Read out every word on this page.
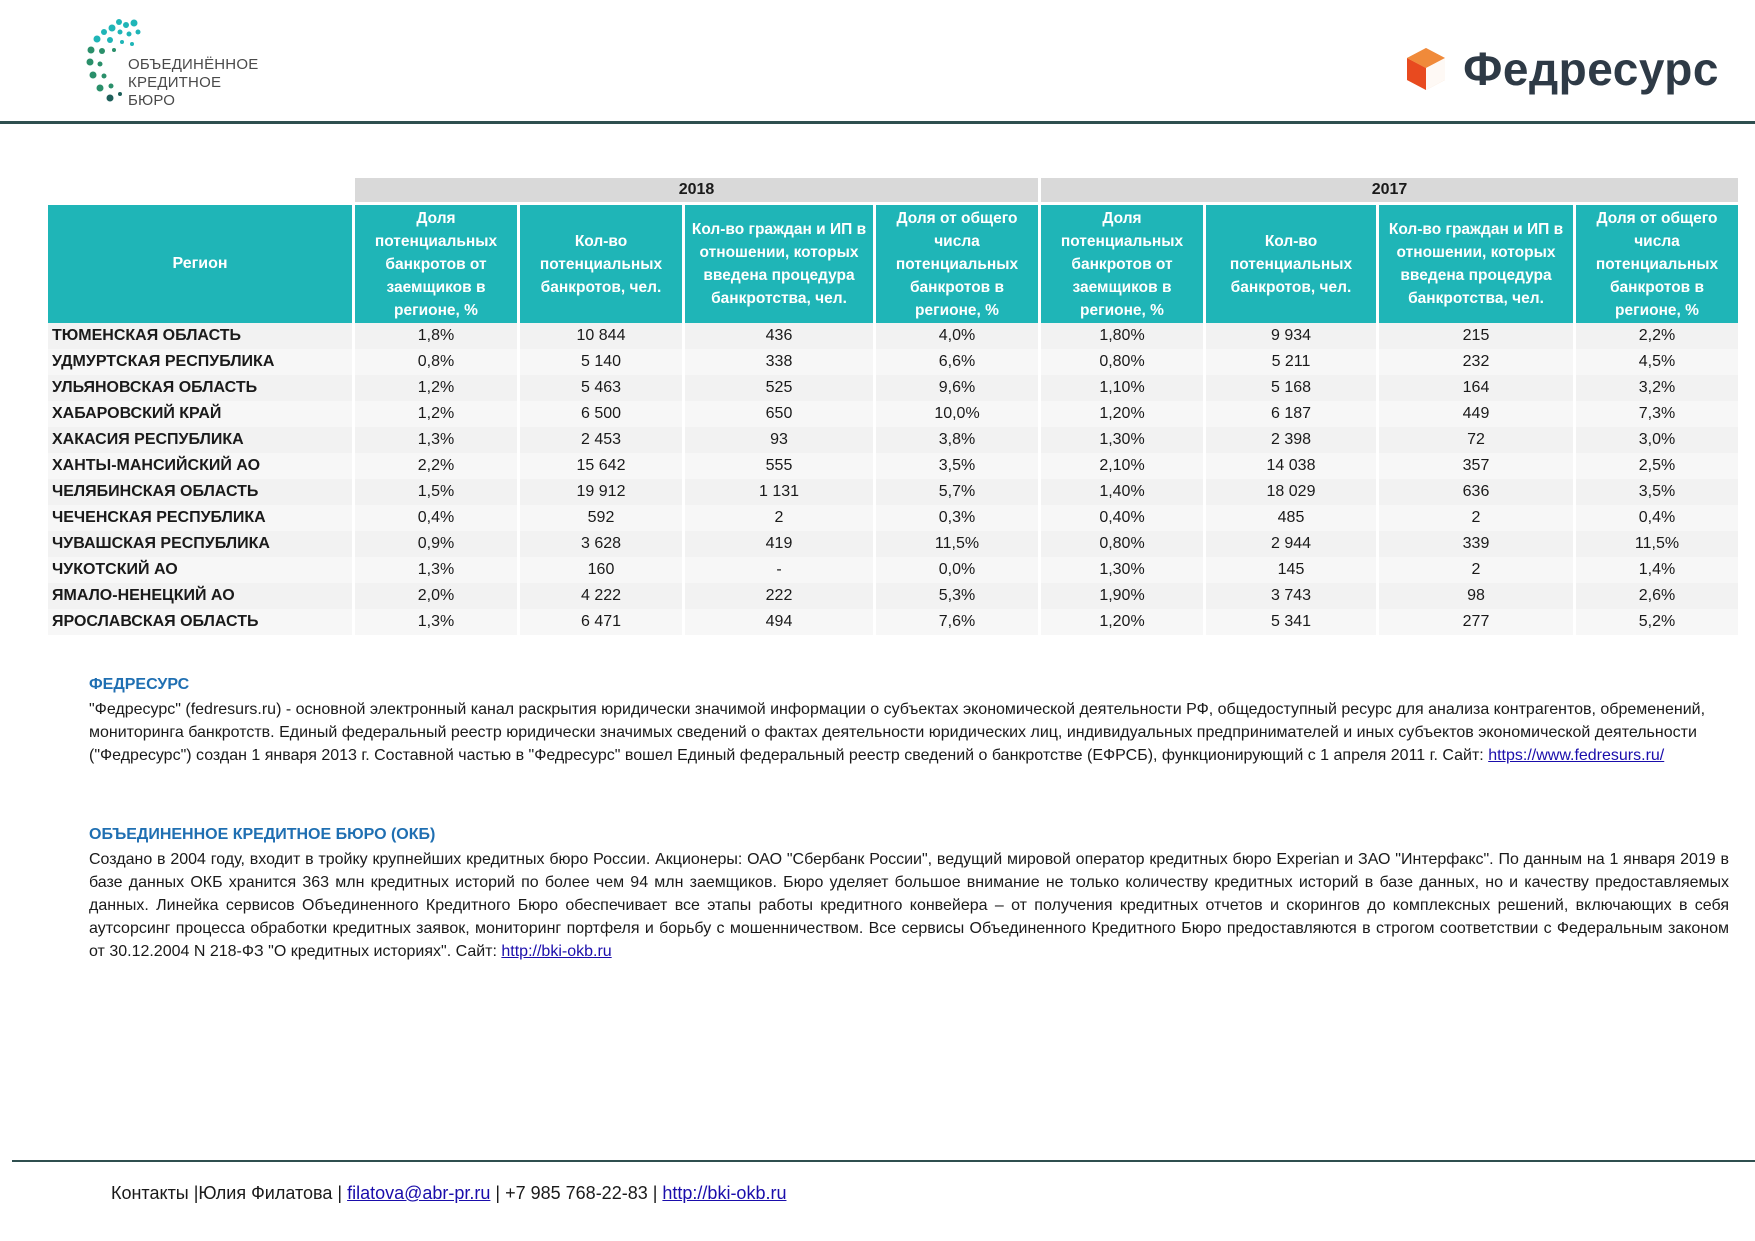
ОБЪЕДИНЁННОЕ
КРЕДИТНОЕ
БЮРО
Федресурс
	2018				2017			
Регион	Доля потенциальных банкротов от заемщиков в регионе, %	Кол-во потенциальных банкротов, чел.	Кол-во граждан и ИП в отношении, которых введена процедура банкротства, чел.	Доля от общего числа потенциальных банкротов в регионе, %	Доля потенциальных банкротов от заемщиков в регионе, %	Кол-во потенциальных банкротов, чел.	Кол-во граждан и ИП в отношении, которых введена процедура банкротства, чел.	Доля от общего числа потенциальных банкротов в регионе, %
ТЮМЕНСКАЯ ОБЛАСТЬ	1,8%	10 844	436	4,0%	1,80%	9 934	215	2,2%
УДМУРТСКАЯ РЕСПУБЛИКА	0,8%	5 140	338	6,6%	0,80%	5 211	232	4,5%
УЛЬЯНОВСКАЯ ОБЛАСТЬ	1,2%	5 463	525	9,6%	1,10%	5 168	164	3,2%
ХАБАРОВСКИЙ КРАЙ	1,2%	6 500	650	10,0%	1,20%	6 187	449	7,3%
ХАКАСИЯ РЕСПУБЛИКА	1,3%	2 453	93	3,8%	1,30%	2 398	72	3,0%
ХАНТЫ-МАНСИЙСКИЙ АО	2,2%	15 642	555	3,5%	2,10%	14 038	357	2,5%
ЧЕЛЯБИНСКАЯ ОБЛАСТЬ	1,5%	19 912	1 131	5,7%	1,40%	18 029	636	3,5%
ЧЕЧЕНСКАЯ РЕСПУБЛИКА	0,4%	592	2	0,3%	0,40%	485	2	0,4%
ЧУВАШСКАЯ РЕСПУБЛИКА	0,9%	3 628	419	11,5%	0,80%	2 944	339	11,5%
ЧУКОТСКИЙ АО	1,3%	160	-	0,0%	1,30%	145	2	1,4%
ЯМАЛО-НЕНЕЦКИЙ АО	2,0%	4 222	222	5,3%	1,90%	3 743	98	2,6%
ЯРОСЛАВСКАЯ ОБЛАСТЬ	1,3%	6 471	494	7,6%	1,20%	5 341	277	5,2%
ФЕДРЕСУРС
"Федресурс" (fedresurs.ru) - основной электронный канал раскрытия юридически значимой информации о субъектах экономической деятельности РФ, общедоступный ресурс для анализа контрагентов, обременений, мониторинга банкротств. Единый федеральный реестр юридически значимых сведений о фактах деятельности юридических лиц, индивидуальных предпринимателей и иных субъектов экономической деятельности ("Федресурс") создан 1 января 2013 г. Составной частью в "Федресурс" вошел Единый федеральный реестр сведений о банкротстве (ЕФРСБ), функционирующий с 1 апреля 2011 г. Сайт: https://www.fedresurs.ru/
ОБЪЕДИНЕННОЕ КРЕДИТНОЕ БЮРО (ОКБ)
Создано в 2004 году, входит в тройку крупнейших кредитных бюро России. Акционеры: ОАО "Сбербанк России", ведущий мировой оператор кредитных бюро Experian и ЗАО "Интерфакс". По данным на 1 января 2019 в базе данных ОКБ хранится 363 млн кредитных историй по более чем 94 млн заемщиков. Бюро уделяет большое внимание не только количеству кредитных историй в базе данных, но и качеству предоставляемых данных. Линейка сервисов Объединенного Кредитного Бюро обеспечивает все этапы работы кредитного конвейера – от получения кредитных отчетов и скорингов до комплексных решений, включающих в себя аутсорсинг процесса обработки кредитных заявок, мониторинг портфеля и борьбу с мошенничеством. Все сервисы Объединенного Кредитного Бюро предоставляются в строгом соответствии с Федеральным законом от 30.12.2004 N 218-ФЗ "О кредитных историях". Сайт: http://bki-okb.ru
Контакты |Юлия Филатова | filatova@abr-pr.ru | +7 985 768-22-83 | http://bki-okb.ru
